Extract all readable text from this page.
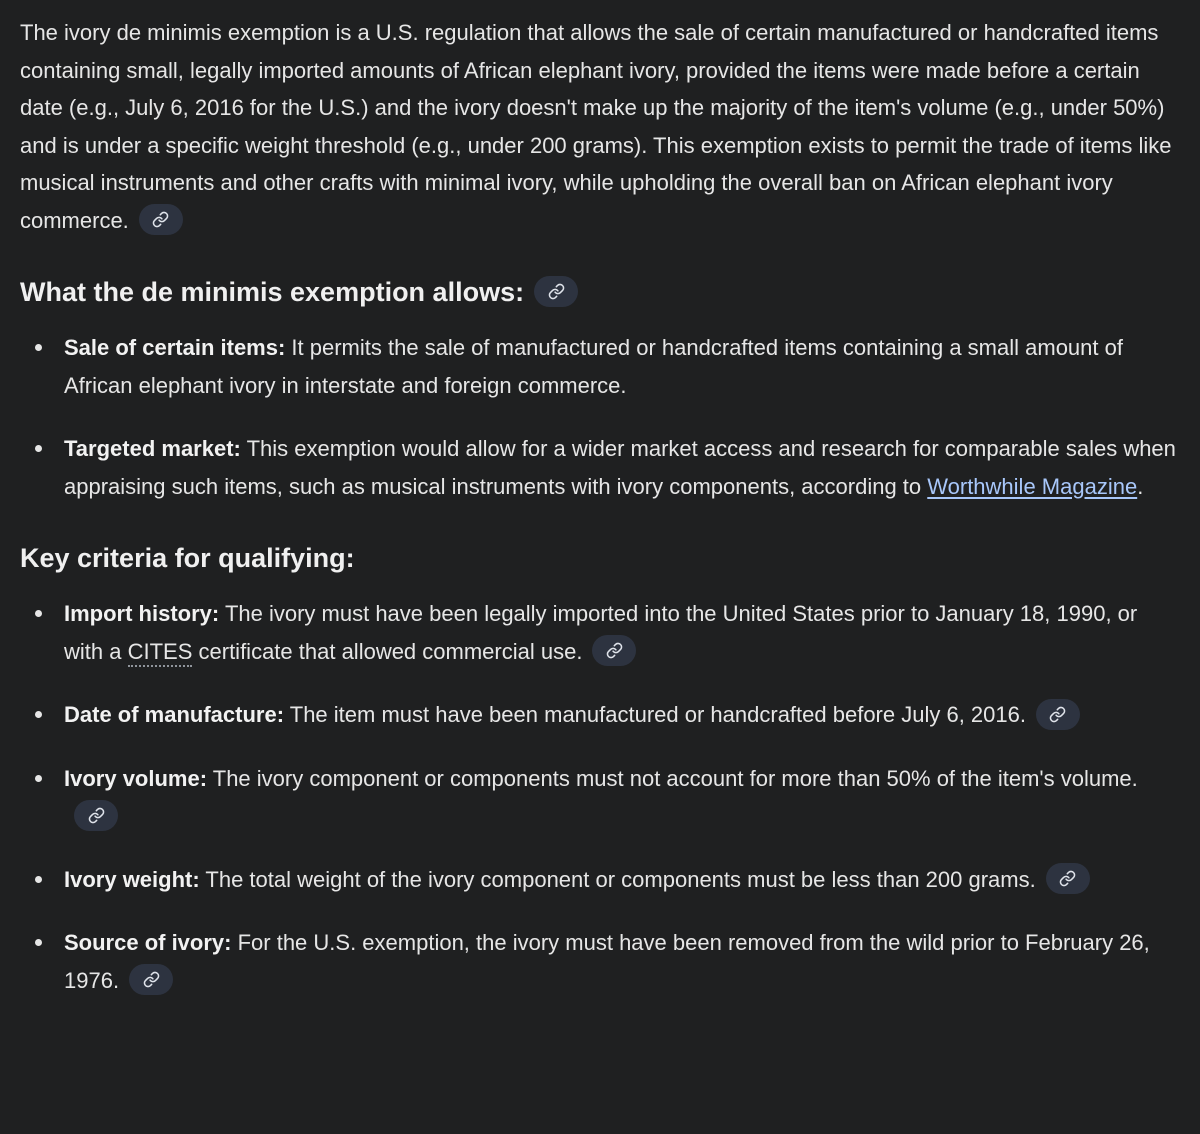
The ivory de minimis exemption is a U.S. regulation that allows the sale of certain manufactured or handcrafted items containing small, legally imported amounts of African elephant ivory, provided the items were made before a certain date (e.g., July 6, 2016 for the U.S.) and the ivory doesn't make up the majority of the item's volume (e.g., under 50%) and is under a specific weight threshold (e.g., under 200 grams). This exemption exists to permit the trade of items like musical instruments and other crafts with minimal ivory, while upholding the overall ban on African elephant ivory commerce.

What the de minimis exemption allows:
Sale of certain items: It permits the sale of manufactured or handcrafted items containing a small amount of African elephant ivory in interstate and foreign commerce.
Targeted market: This exemption would allow for a wider market access and research for comparable sales when appraising such items, such as musical instruments with ivory components, according to Worthwhile Magazine.
Key criteria for qualifying:
Import history: The ivory must have been legally imported into the United States prior to January 18, 1990, or with a CITES certificate that allowed commercial use.
Date of manufacture: The item must have been manufactured or handcrafted before July 6, 2016.
Ivory volume: The ivory component or components must not account for more than 50% of the item's volume.
Ivory weight: The total weight of the ivory component or components must be less than 200 grams.
Source of ivory: For the U.S. exemption, the ivory must have been removed from the wild prior to February 26, 1976.
